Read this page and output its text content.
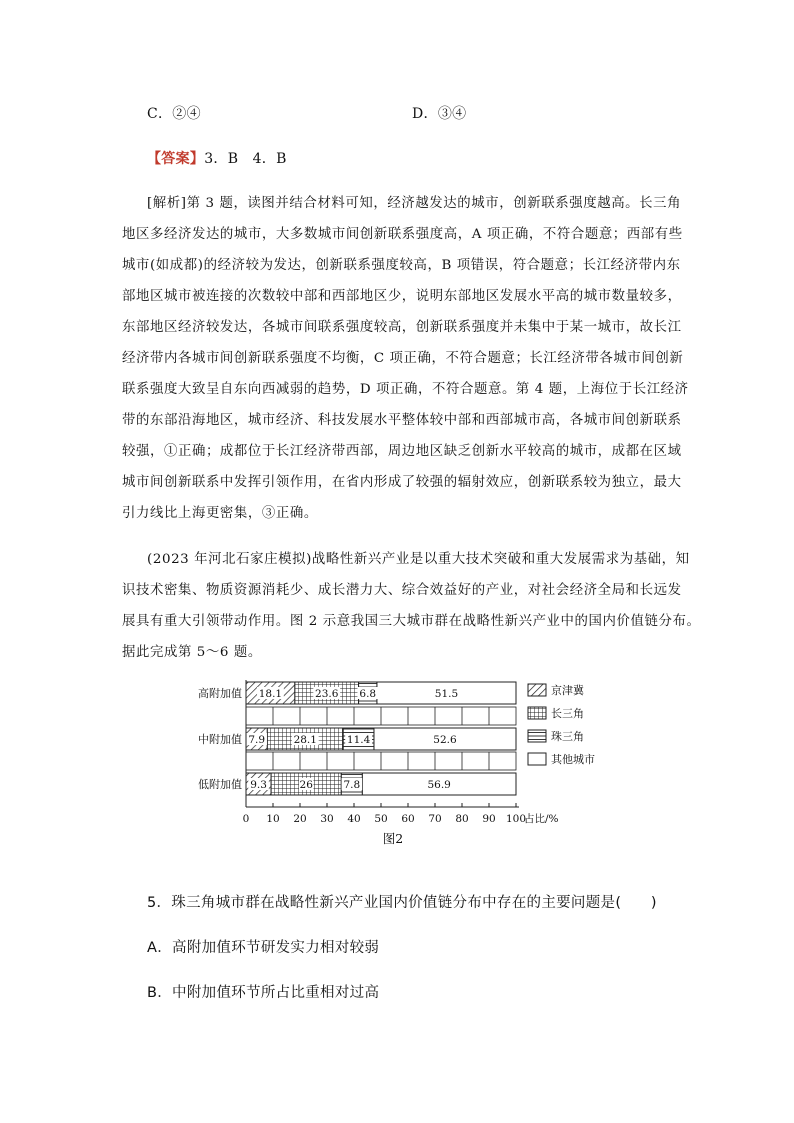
C．②④	D．③④
【答案】3．B　4．B
[解析]第 3 题，读图并结合材料可知，经济越发达的城市，创新联系强度越高。长三角
地区多经济发达的城市，大多数城市间创新联系强度高，A 项正确，不符合题意；西部有些
城市(如成都)的经济较为发达，创新联系强度较高，B 项错误，符合题意；长江经济带内东
部地区城市被连接的次数较中部和西部地区少，说明东部地区发展水平高的城市数量较多，
东部地区经济较发达，各城市间联系强度较高，创新联系强度并未集中于某一城市，故长江
经济带内各城市间创新联系强度不均衡，C 项正确，不符合题意；长江经济带各城市间创新
联系强度大致呈自东向西减弱的趋势，D 项正确，不符合题意。第 4 题，上海位于长江经济
带的东部沿海地区，城市经济、科技发展水平整体较中部和西部城市高，各城市间创新联系
较强，①正确；成都位于长江经济带西部，周边地区缺乏创新水平较高的城市，成都在区域
城市间创新联系中发挥引领作用，在省内形成了较强的辐射效应，创新联系较为独立，最大
引力线比上海更密集，③正确。
(2023 年河北石家庄模拟)战略性新兴产业是以重大技术突破和重大发展需求为基础，知
识技术密集、物质资源消耗少、成长潜力大、综合效益好的产业，对社会经济全局和长远发
展具有重大引领带动作用。图 2 示意我国三大城市群在战略性新兴产业中的国内价值链分布。
据此完成第 5～6 题。
18.1	23.6 6.8	51.5
高附加值
7.9	28.1	11.4	52.6
中附加值
9.3	26	7.8	56.9
低附加值
0 10 20 30 40 50 60 70 80 90 100
占比/%
图2
京津冀
长三角
珠三角
其他城市
5．珠三角城市群在战略性新兴产业国内价值链分布中存在的主要问题是(　　)
A．高附加值环节研发实力相对较弱
B．中附加值环节所占比重相对过高
